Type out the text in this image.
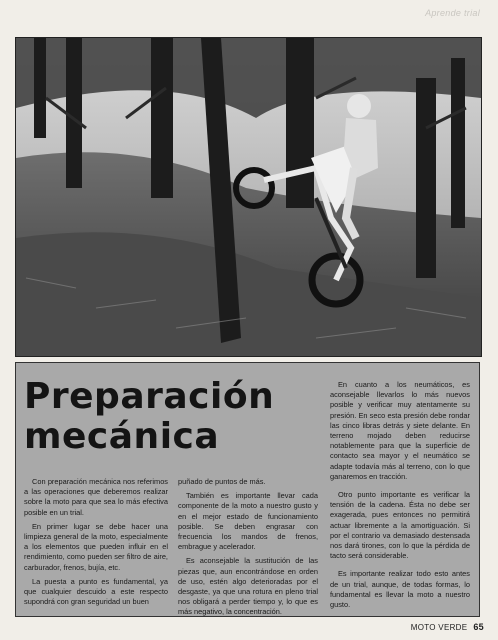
Aprende trial
Preparación
mecánica

Con preparación mecánica nos referimos a las operaciones que deberemos realizar sobre la moto para que sea lo más efectiva posible en un trial.

En primer lugar se debe hacer una limpieza general de la moto, especialmente a los elementos que pueden influir en el rendimiento, como pueden ser filtro de aire, carburador, frenos, bujía, etc.

La puesta a punto es fundamental, ya que cualquier descuido a este respecto supondrá con gran seguridad un buen

puñado de puntos de más.

También es importante llevar cada componente de la moto a nuestro gusto y en el mejor estado de funcionamiento posible. Se deben engrasar con frecuencia los mandos de frenos, embrague y acelerador.

Es aconsejable la sustitución de las piezas que, aun encontrándose en orden de uso, estén algo deterioradas por el desgaste, ya que una rotura en pleno trial nos obligará a perder tiempo y, lo que es más negativo, la concentración.

En cuanto a los neumáticos, es aconsejable llevarlos lo más nuevos posible y verificar muy atentamente su presión. En seco esta presión debe rondar las cinco libras detrás y siete delante. En terreno mojado deben reducirse notablemente para que la superficie de contacto sea mayor y el neumático se adapte todavía más al terreno, con lo que ganaremos en tracción.

Otro punto importante es verificar la tensión de la cadena. Ésta no debe ser exagerada, pues entonces no permitirá actuar libremente a la amortiguación. Si por el contrario va demasiado destensada nos dará tirones, con lo que la pérdida de tacto será considerable.

Es importante realizar todo esto antes de un trial, aunque, de todas formas, lo fundamental es llevar la moto a nuestro gusto.

MOTO VERDE 65
